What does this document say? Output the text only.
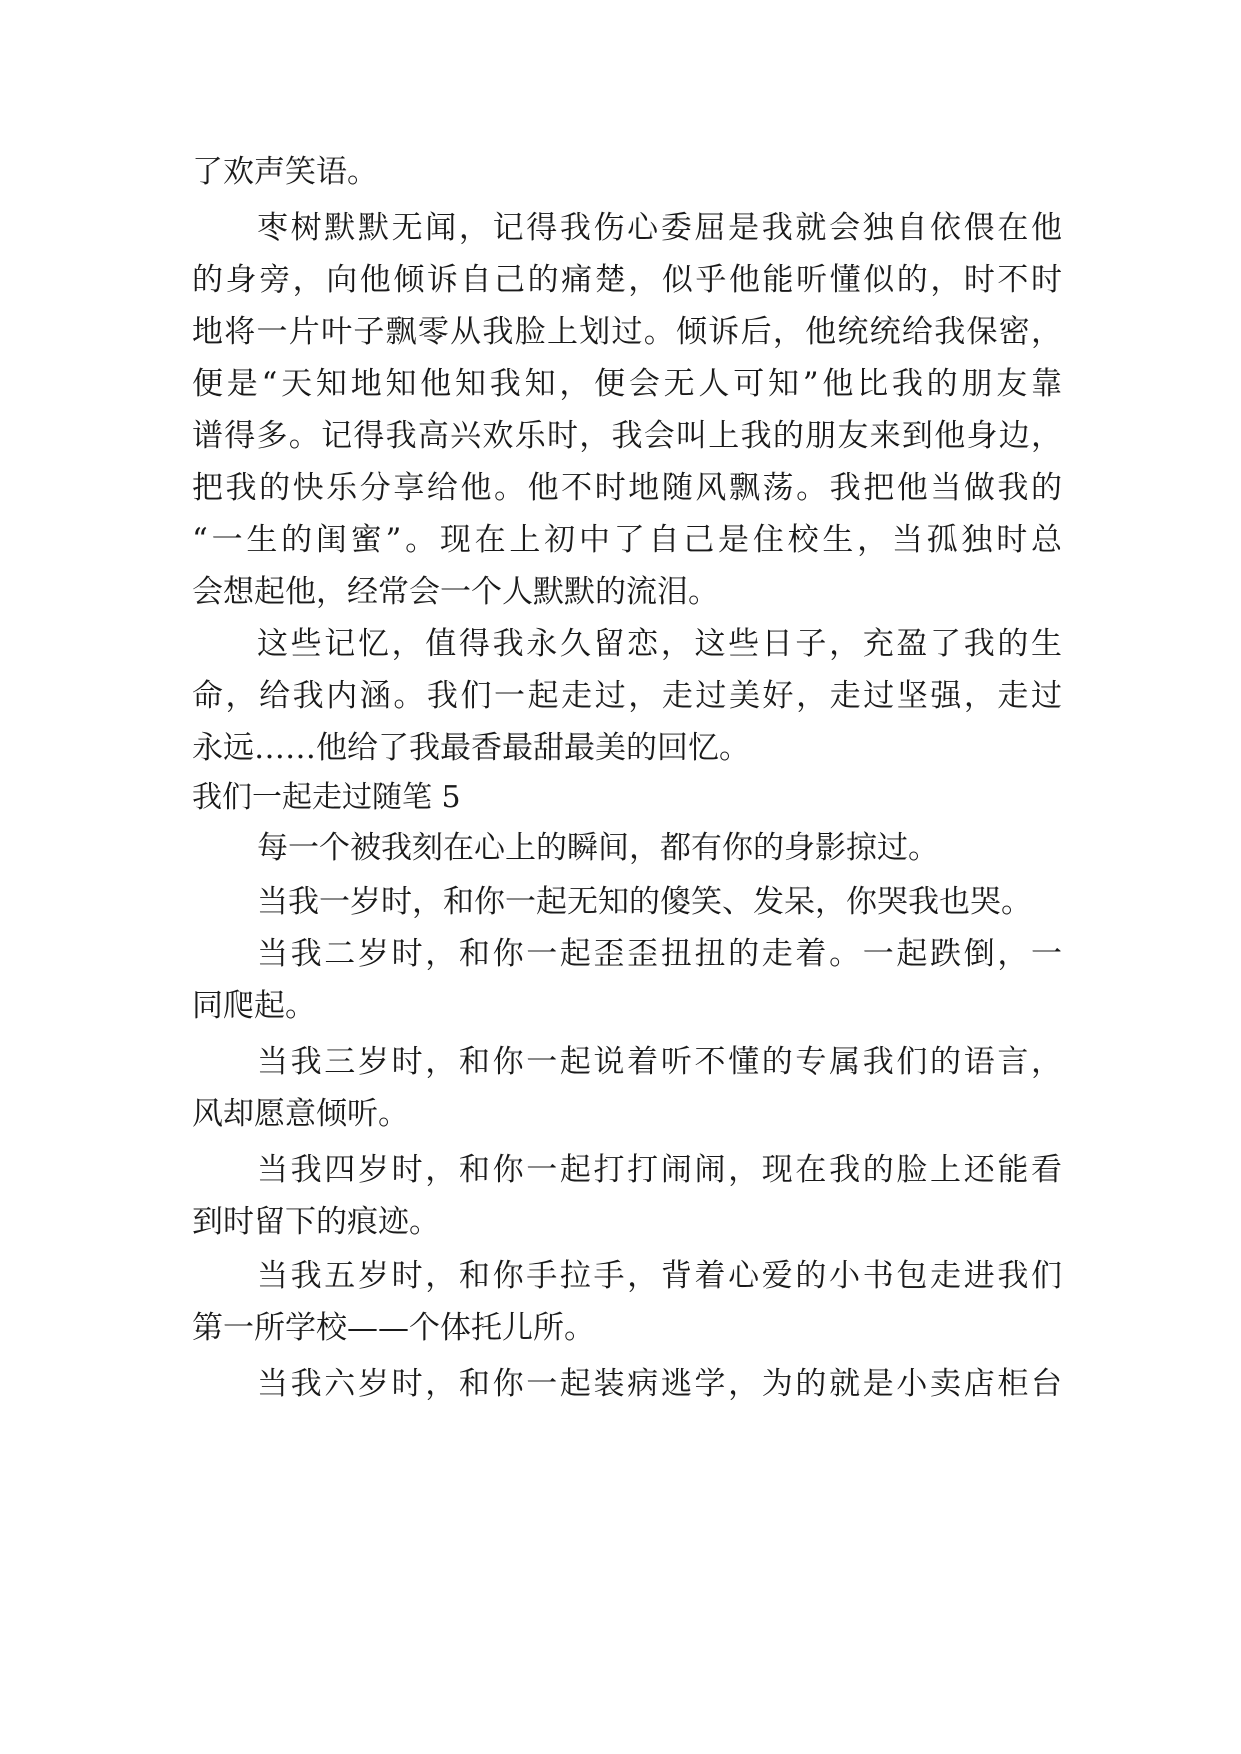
了欢声笑语。
枣树默默无闻，记得我伤心委屈是我就会独自依偎在他
的身旁，向他倾诉自己的痛楚，似乎他能听懂似的，时不时
地将一片叶子飘零从我脸上划过。倾诉后，他统统给我保密，
便是“天知地知他知我知，便会无人可知”他比我的朋友靠
谱得多。记得我高兴欢乐时，我会叫上我的朋友来到他身边，
把我的快乐分享给他。他不时地随风飘荡。我把他当做我的
“一生的闺蜜”。现在上初中了自己是住校生，当孤独时总
会想起他，经常会一个人默默的流泪。
这些记忆，值得我永久留恋，这些日子，充盈了我的生
命，给我内涵。我们一起走过，走过美好，走过坚强，走过
永远……他给了我最香最甜最美的回忆。
我们一起走过随笔 5
每一个被我刻在心上的瞬间，都有你的身影掠过。
当我一岁时，和你一起无知的傻笑、发呆，你哭我也哭。
当我二岁时，和你一起歪歪扭扭的走着。一起跌倒，一
同爬起。
当我三岁时，和你一起说着听不懂的专属我们的语言，
风却愿意倾听。
当我四岁时，和你一起打打闹闹，现在我的脸上还能看
到时留下的痕迹。
当我五岁时，和你手拉手，背着心爱的小书包走进我们
第一所学校——个体托儿所。
当我六岁时，和你一起装病逃学，为的就是小卖店柜台
